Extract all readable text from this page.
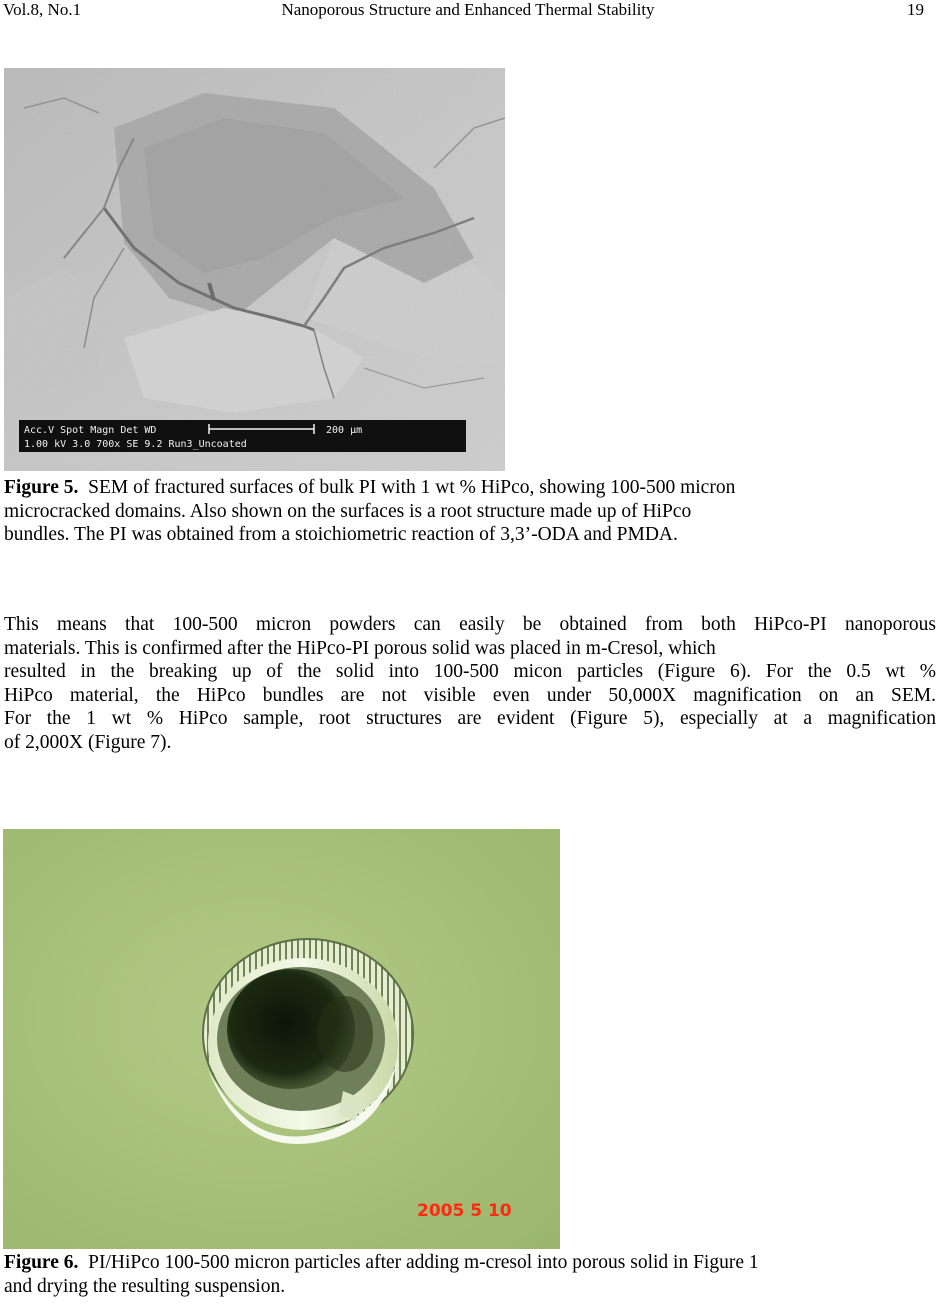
Vol.8, No.1	Nanoporous Structure and Enhanced Thermal Stability	19
Acc.V Spot Magn Det WD
1.00 kV 3.0 700x SE 9.2 Run3_Uncoated
200 µm
Figure 5. SEM of fractured surfaces of bulk PI with 1 wt % HiPco, showing 100-500 micron
microcracked domains. Also shown on the surfaces is a root structure made up of HiPco
bundles. The PI was obtained from a stoichiometric reaction of 3,3’-ODA and PMDA.
This means that 100-500 micron powders can easily be obtained from both HiPco-PI nanoporous
materials. This is confirmed after the HiPco-PI porous solid was placed in m-Cresol, which
resulted in the breaking up of the solid into 100-500 micon particles (Figure 6). For the 0.5 wt %
HiPco material, the HiPco bundles are not visible even under 50,000X magnification on an SEM.
For the 1 wt % HiPco sample, root structures are evident (Figure 5), especially at a magnification
of 2,000X (Figure 7).
2005 5 10
Figure 6. PI/HiPco 100-500 micron particles after adding m-cresol into porous solid in Figure 1
and drying the resulting suspension.
